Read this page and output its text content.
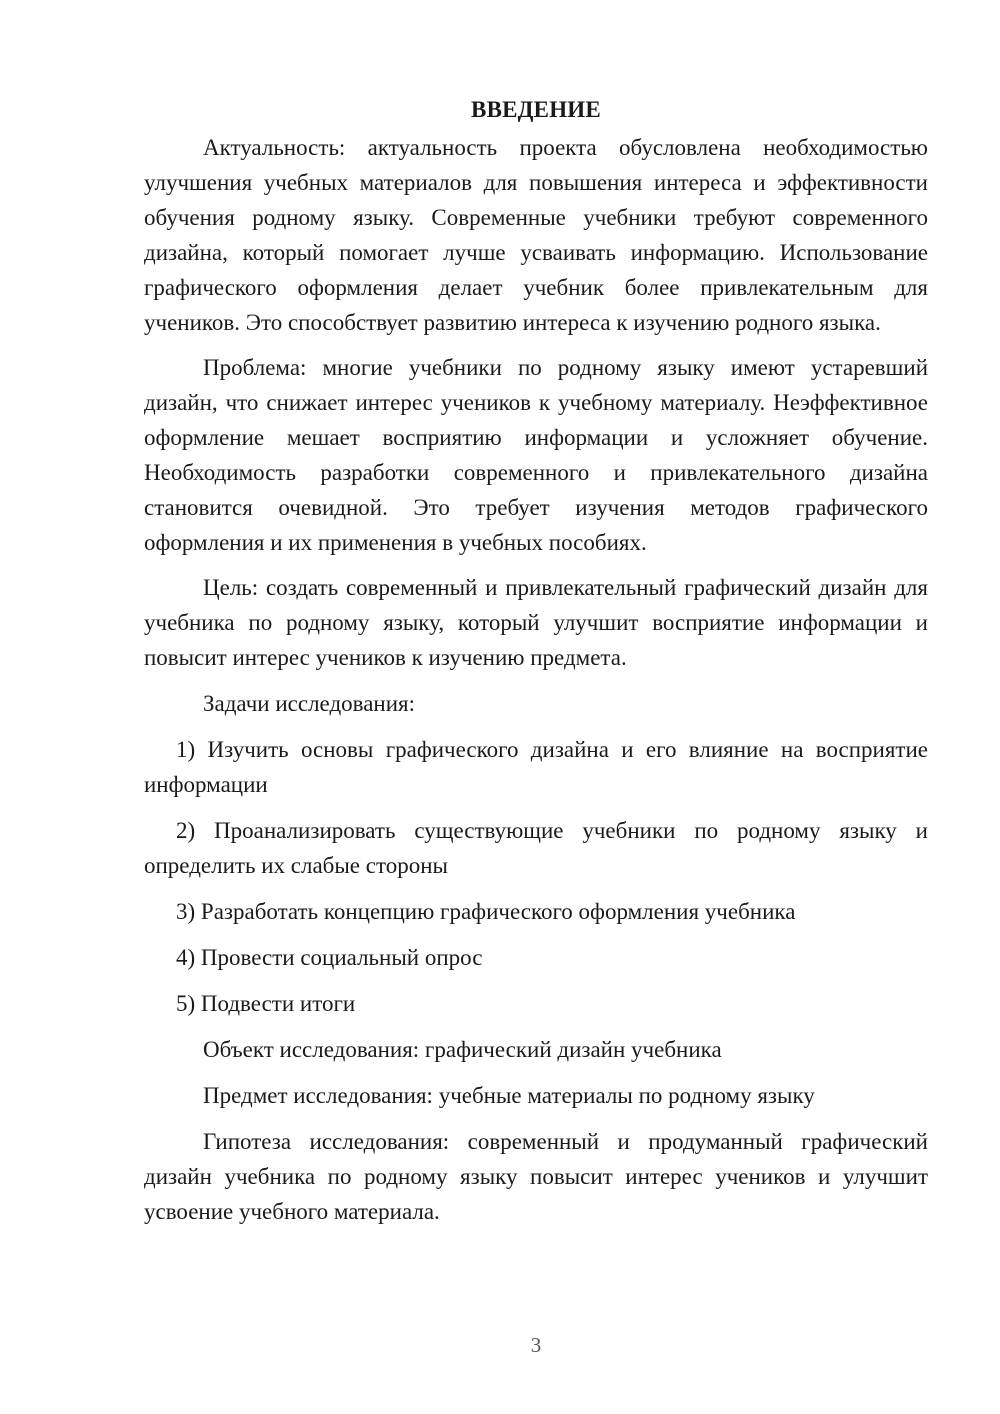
ВВЕДЕНИЕ

Актуальность: актуальность проекта обусловлена необходимостью улучшения учебных материалов для повышения интереса и эффективности обучения родному языку. Современные учебники требуют современного дизайна, который помогает лучше усваивать информацию. Использование графического оформления делает учебник более привлекательным для учеников. Это способствует развитию интереса к изучению родного языка.

Проблема: многие учебники по родному языку имеют устаревший дизайн, что снижает интерес учеников к учебному материалу. Неэффективное оформление мешает восприятию информации и усложняет обучение. Необходимость разработки современного и привлекательного дизайна становится очевидной. Это требует изучения методов графического оформления и их применения в учебных пособиях.

Цель: создать современный и привлекательный графический дизайн для учебника по родному языку, который улучшит восприятие информации и повысит интерес учеников к изучению предмета.

Задачи исследования:

1) Изучить основы графического дизайна и его влияние на восприятие информации

2) Проанализировать существующие учебники по родному языку и определить их слабые стороны

3) Разработать концепцию графического оформления учебника

4) Провести социальный опрос

5) Подвести итоги

Объект исследования: графический дизайн учебника

Предмет исследования: учебные материалы по родному языку

Гипотеза исследования: современный и продуманный графический дизайн учебника по родному языку повысит интерес учеников и улучшит усвоение учебного материала.

3
